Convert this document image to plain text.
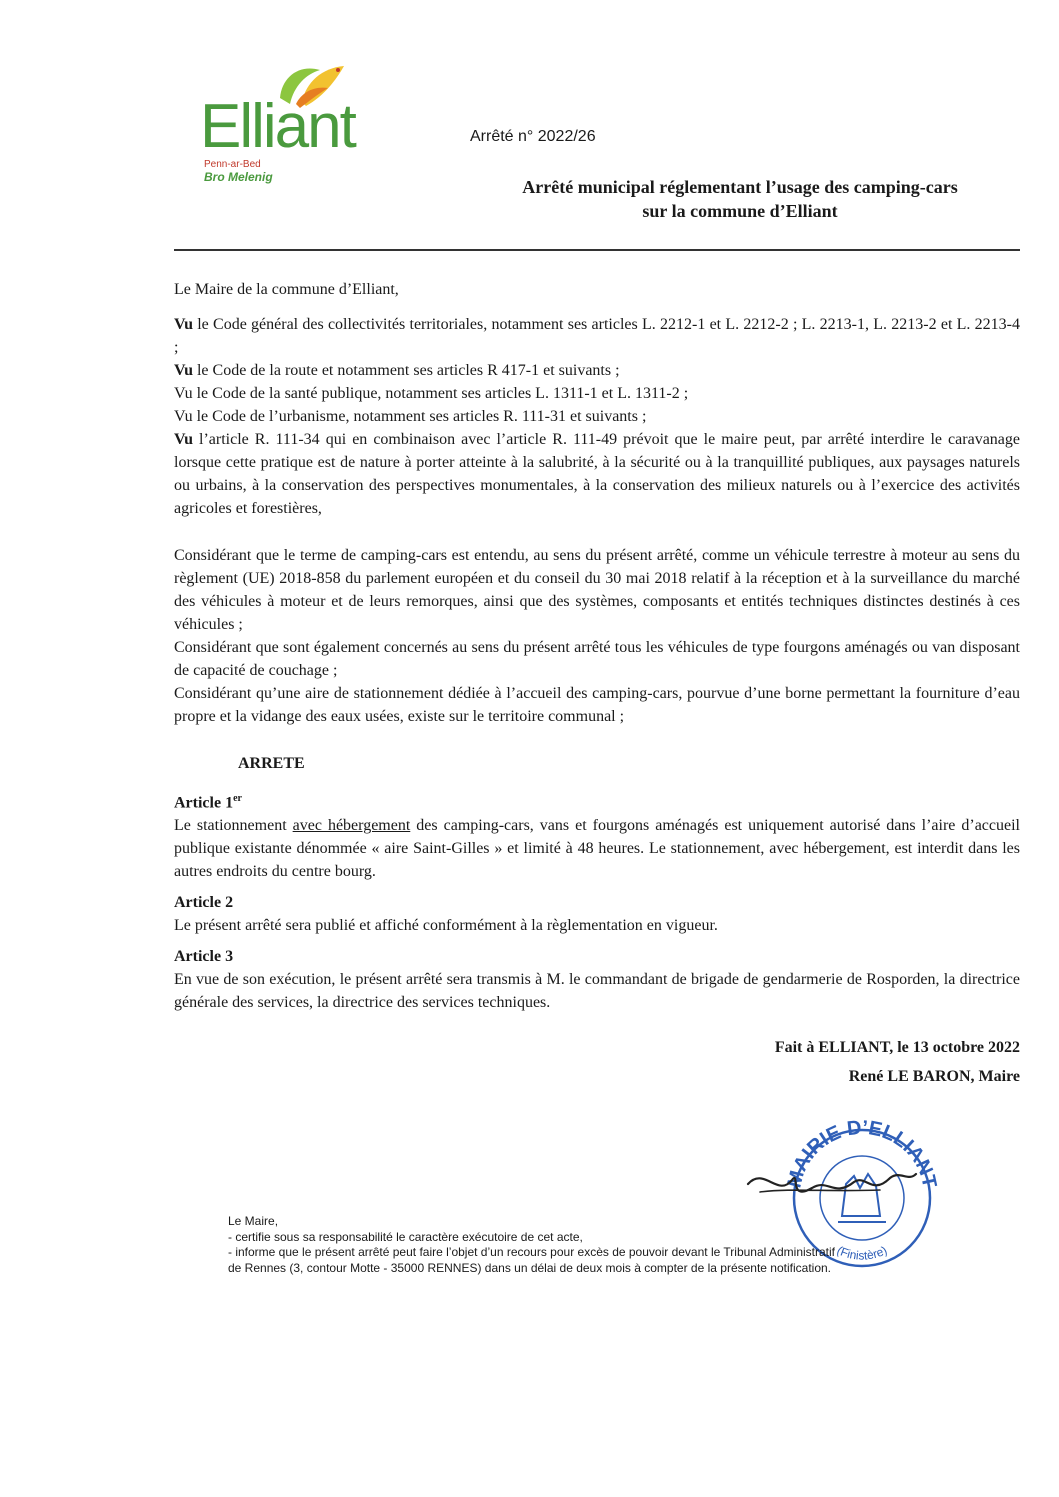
Elliant
Penn-ar-Bed
Bro Melenig
Arrêté n° 2022/26
Arrêté municipal réglementant l’usage des camping-cars
sur la commune d’Elliant

Le Maire de la commune d’Elliant,

Vu le Code général des collectivités territoriales, notamment ses articles L. 2212-1 et L. 2212-2 ; L. 2213-1, L. 2213-2 et L. 2213-4 ;

Vu le Code de la route et notamment ses articles R 417-1 et suivants ;

Vu le Code de la santé publique, notamment ses articles L. 1311-1 et L. 1311-2 ;

Vu le Code de l’urbanisme, notamment ses articles R. 111-31 et suivants ;

Vu l’article R. 111-34 qui en combinaison avec l’article R. 111-49 prévoit que le maire peut, par arrêté interdire le caravanage lorsque cette pratique est de nature à porter atteinte à la salubrité, à la sécurité ou à la tranquillité publiques, aux paysages naturels ou urbains, à la conservation des perspectives monumentales, à la conservation des milieux naturels ou à l’exercice des activités agricoles et forestières,

Considérant que le terme de camping-cars est entendu, au sens du présent arrêté, comme un véhicule terrestre à moteur au sens du règlement (UE) 2018-858 du parlement européen et du conseil du 30 mai 2018 relatif à la réception et à la surveillance du marché des véhicules à moteur et de leurs remorques, ainsi que des systèmes, composants et entités techniques distinctes destinés à ces véhicules ;

Considérant que sont également concernés au sens du présent arrêté tous les véhicules de type fourgons aménagés ou van disposant de capacité de couchage ;

Considérant qu’une aire de stationnement dédiée à l’accueil des camping-cars, pourvue d’une borne permettant la fourniture d’eau propre et la vidange des eaux usées, existe sur le territoire communal ;

ARRETE

Article 1er

Le stationnement avec hébergement des camping-cars, vans et fourgons aménagés est uniquement autorisé dans l’aire d’accueil publique existante dénommée « aire Saint-Gilles » et limité à 48 heures. Le stationnement, avec hébergement, est interdit dans les autres endroits du centre bourg.

Article 2

Le présent arrêté sera publié et affiché conformément à la règlementation en vigueur.

Article 3

En vue de son exécution, le présent arrêté sera transmis à M. le commandant de brigade de gendarmerie de Rosporden, la directrice générale des services, la directrice des services techniques.

Fait à ELLIANT, le 13 octobre 2022
René LE BARON, Maire
MAIRIE D’ELLIANT
(Finistère)

Le Maire,

- certifie sous sa responsabilité le caractère exécutoire de cet acte,

- informe que le présent arrêté peut faire l’objet d’un recours pour excès de pouvoir devant le Tribunal Administratif

de Rennes (3, contour Motte - 35000 RENNES) dans un délai de deux mois à compter de la présente notification.
